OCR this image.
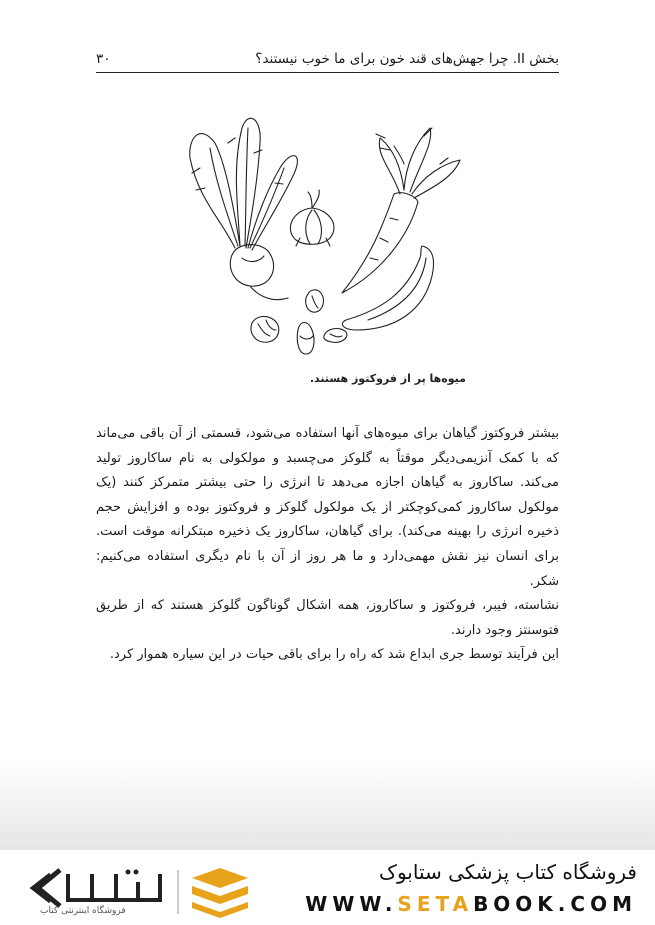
بخش II. چرا جهش‌های قند خون برای ما خوب نیستند؟
۳۰
میوه‌ها پر از فروکتوز هستند.

بیشتر فروکتوز گیاهان برای میوه‌های آنها استفاده می‌شود، قسمتی از آن باقی می‌ماند که با کمک آنزیمی‌دیگر موقتاً به گلوکز می‌چسبد و مولکولی به نام ساکاروز تولید می‌کند. ساکاروز به گیاهان اجازه می‌دهد تا انرژی را حتی بیشتر متمرکز کنند (یک مولکول ساکاروز کمی‌کوچکتر از یک مولکول گلوکز و فروکتوز بوده و افزایش حجم ذخیره انرژی را بهینه می‌کند). برای گیاهان، ساکاروز یک ذخیره مبتکرانه موقت است. برای انسان نیز نقش مهمی‌دارد و ما هر روز از آن با نام دیگری استفاده می‌کنیم: شکر.

نشاسته، فیبر، فروکتوز و ساکاروز، همه اشکال گوناگون گلوکز هستند که از طریق فتوسنتز وجود دارند.

این فرآیند توسط جری ابداع شد که راه را برای باقی حیات در این سیاره هموار کرد.

فروشگاه اینترنتی کتاب
فروشگاه کتاب پزشکی ستابوک
WWW.SETABOOK.COM
